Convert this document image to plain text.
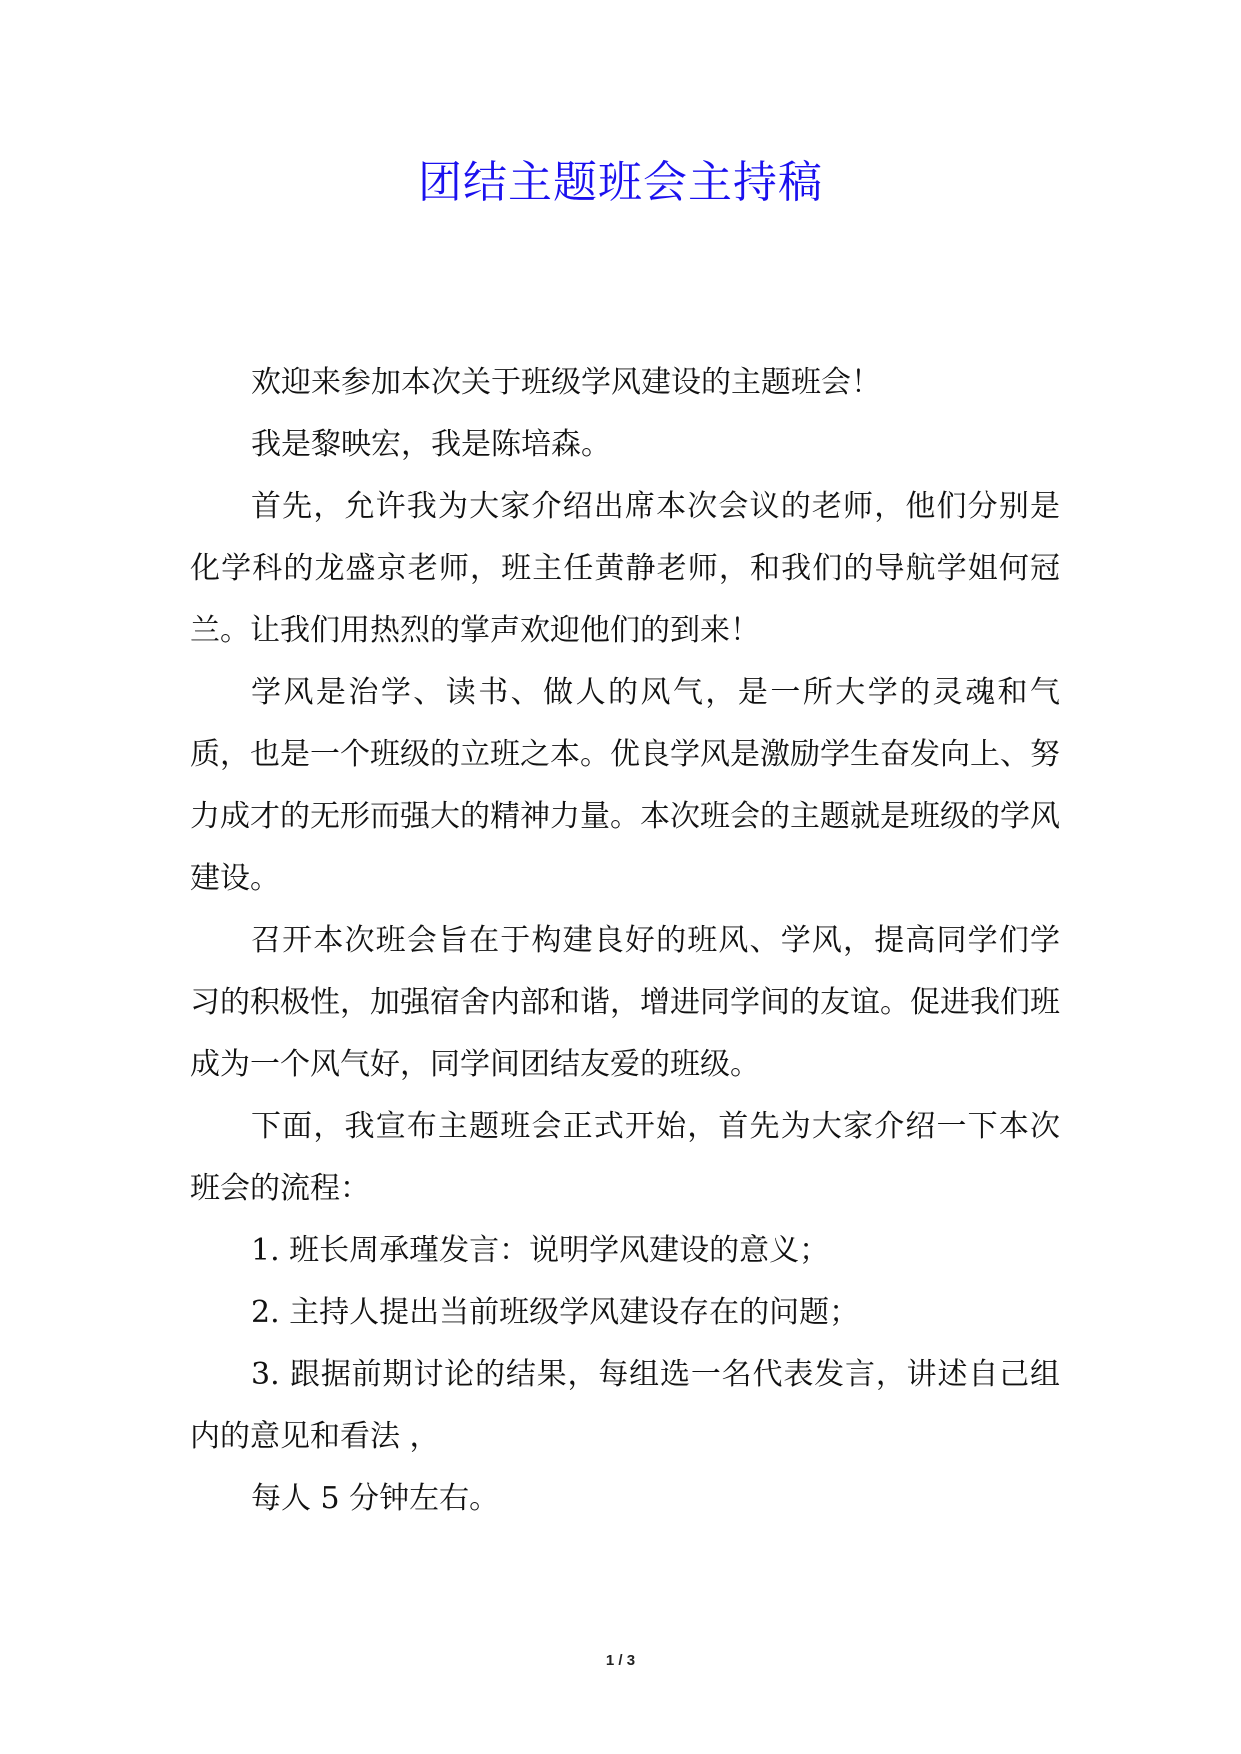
团结主题班会主持稿

欢迎来参加本次关于班级学风建设的主题班会！

我是黎映宏，我是陈培森。

首先，允许我为大家介绍出席本次会议的老师，他们分别是化学科的龙盛京老师，班主任黄静老师，和我们的导航学姐何冠兰。让我们用热烈的掌声欢迎他们的到来！

学风是治学、读书、做人的风气，是一所大学的灵魂和气质，也是一个班级的立班之本。优良学风是激励学生奋发向上、努力成才的无形而强大的精神力量。本次班会的主题就是班级的学风建设。

召开本次班会旨在于构建良好的班风、学风，提高同学们学习的积极性，加强宿舍内部和谐，增进同学间的友谊。促进我们班成为一个风气好，同学间团结友爱的班级。

下面，我宣布主题班会正式开始，首先为大家介绍一下本次班会的流程：

1. 班长周承瑾发言：说明学风建设的意义；

2. 主持人提出当前班级学风建设存在的问题；

3. 跟据前期讨论的结果，每组选一名代表发言，讲述自己组内的意见和看法 ，

每人 5 分钟左右。

1 / 3
